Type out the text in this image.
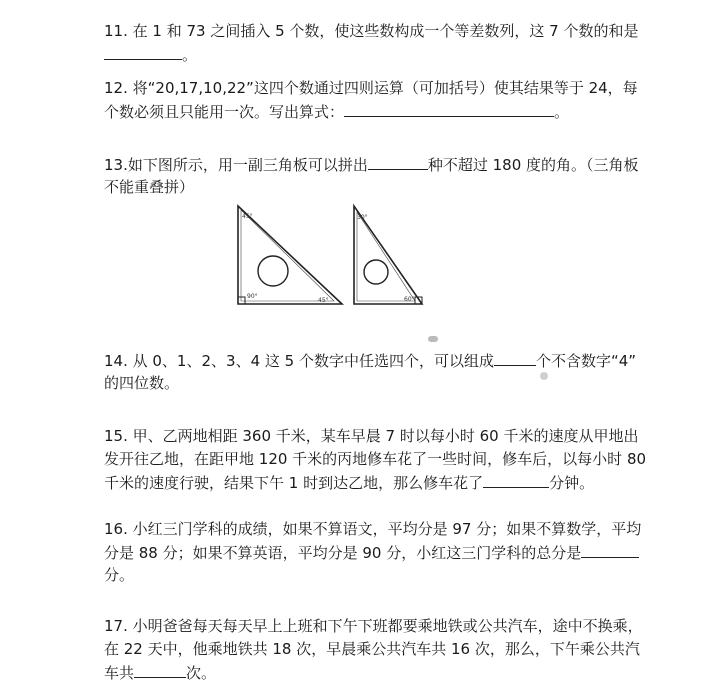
11. 在 1 和 73 之间插入 5 个数，使这些数构成一个等差数列，这 7 个数的和是
。
12. 将“20,17,10,22”这四个数通过四则运算（可加括号）使其结果等于 24，每
个数必须且只能用一次。写出算式：	。
13.如下图所示，用一副三角板可以拼出	种不超过 180 度的角。（三角板
不能重叠拼）
45°
90°
45°
30°
60°
14. 从 0、1、2、3、4 这 5 个数字中任选四个，可以组成	个不含数字“4”
的四位数。
15. 甲、乙两地相距 360 千米，某车早晨 7 时以每小时 60 千米的速度从甲地出
发开往乙地，在距甲地 120 千米的丙地修车花了一些时间，修车后，以每小时 80
千米的速度行驶，结果下午 1 时到达乙地，那么修车花了	分钟。
16. 小红三门学科的成绩，如果不算语文，平均分是 97 分；如果不算数学，平均
分是 88 分；如果不算英语，平均分是 90 分，小红这三门学科的总分是
分。
17. 小明爸爸每天每天早上上班和下午下班都要乘地铁或公共汽车，途中不换乘，
在 22 天中，他乘地铁共 18 次，早晨乘公共汽车共 16 次，那么，下午乘公共汽
车共	次。
